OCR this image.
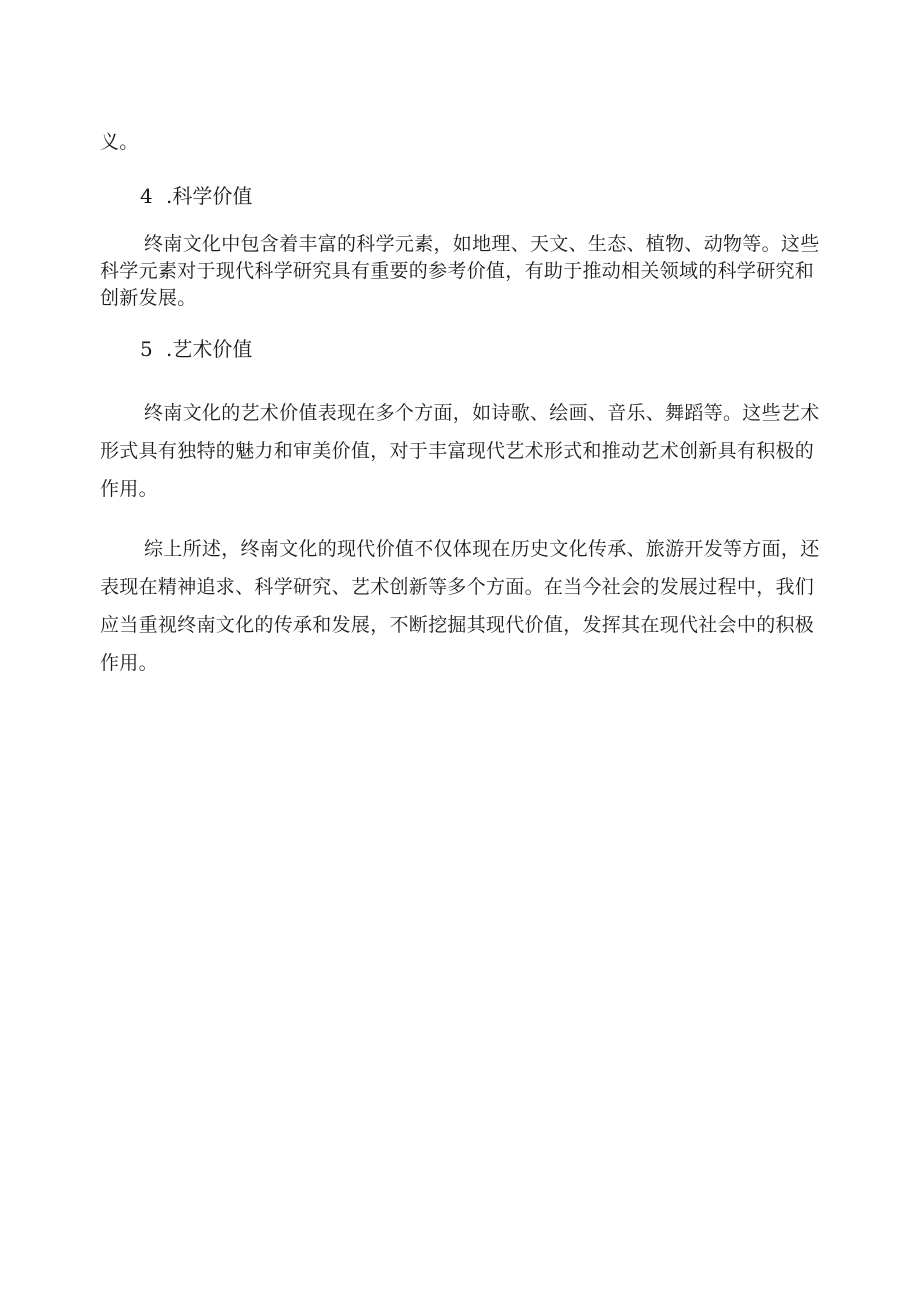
义。

4 .科学价值

终南文化中包含着丰富的科学元素，如地理、天文、生态、植物、动物等。这些科学元素对于现代科学研究具有重要的参考价值，有助于推动相关领域的科学研究和创新发展。

5 .艺术价值

终南文化的艺术价值表现在多个方面，如诗歌、绘画、音乐、舞蹈等。这些艺术形式具有独特的魅力和审美价值，对于丰富现代艺术形式和推动艺术创新具有积极的作用。

综上所述，终南文化的现代价值不仅体现在历史文化传承、旅游开发等方面，还表现在精神追求、科学研究、艺术创新等多个方面。在当今社会的发展过程中，我们应当重视终南文化的传承和发展，不断挖掘其现代价值，发挥其在现代社会中的积极作用。
